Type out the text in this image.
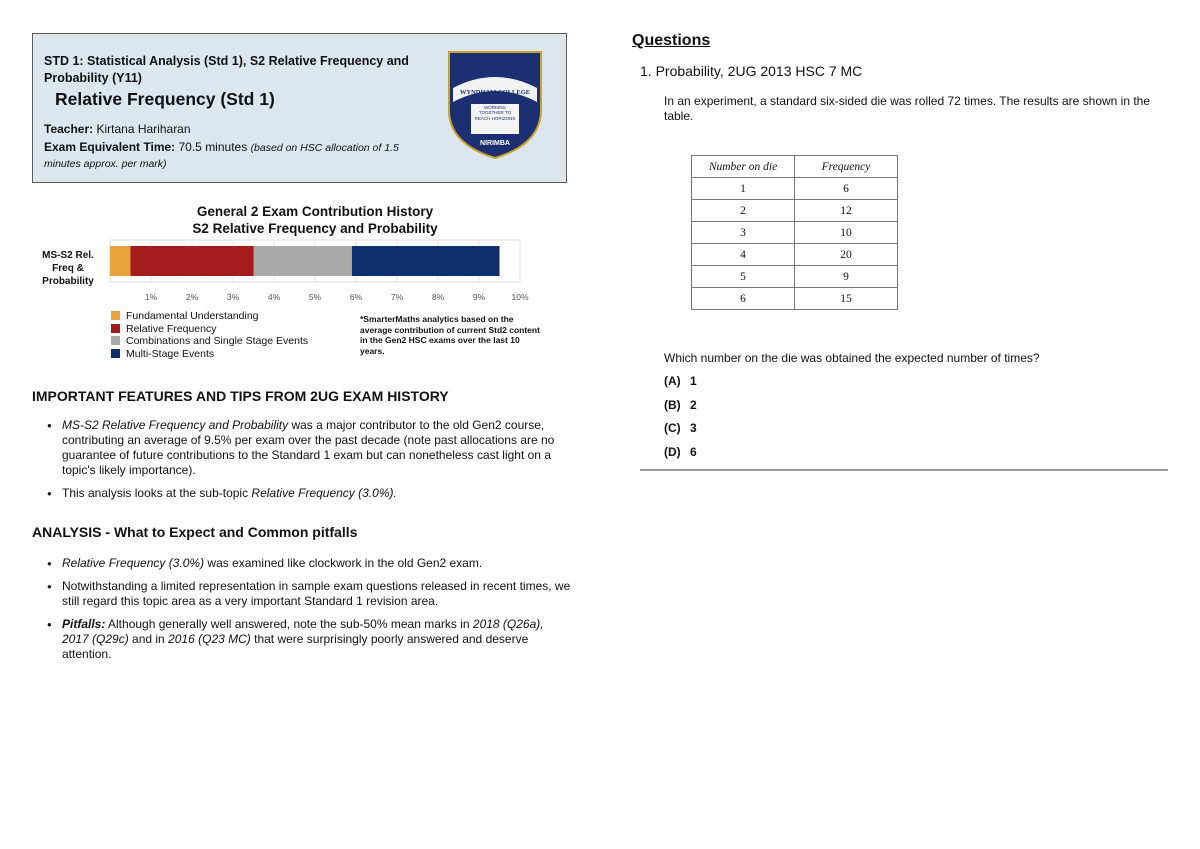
STD 1: Statistical Analysis (Std 1), S2 Relative Frequency and Probability (Y11)
Relative Frequency (Std 1)
Teacher: Kirtana Hariharan
Exam Equivalent Time: 70.5 minutes (based on HSC allocation of 1.5 minutes approx. per mark)
WYNDHAM COLLEGE
WORKING TOGETHER TO REACH HORIZONS
NIRIMBA
General 2 Exam Contribution History
S2 Relative Frequency and Probability
MS-S2 Rel. Freq & Probability
1%	2%	3%	4%	5%	6%	7%	8%	9%	10%
Fundamental Understanding
Relative Frequency
Combinations and Single Stage Events
Multi-Stage Events
*SmarterMaths analytics based on the average contribution of current Std2 content in the Gen2 HSC exams over the last 10 years.
IMPORTANT FEATURES AND TIPS FROM 2UG EXAM HISTORY
● MS-S2 Relative Frequency and Probability was a major contributor to the old Gen2 course, contributing an average of 9.5% per exam over the past decade (note past allocations are no guarantee of future contributions to the Standard 1 exam but can nonetheless cast light on a topic's likely importance).
● This analysis looks at the sub-topic Relative Frequency (3.0%).
ANALYSIS - What to Expect and Common pitfalls
● Relative Frequency (3.0%) was examined like clockwork in the old Gen2 exam.
● Notwithstanding a limited representation in sample exam questions released in recent times, we still regard this topic area as a very important Standard 1 revision area.
● Pitfalls: Although generally well answered, note the sub-50% mean marks in 2018 (Q26a), 2017 (Q29c) and in 2016 (Q23 MC) that were surprisingly poorly answered and deserve attention.
Questions
1. Probability, 2UG 2013 HSC 7 MC
In an experiment, a standard six-sided die was rolled 72 times. The results are shown in the table.
Number on die	Frequency
1	6
2	12
3	10
4	20
5	9
6	15
Which number on the die was obtained the expected number of times?
(A) 1
(B) 2
(C) 3
(D) 6
